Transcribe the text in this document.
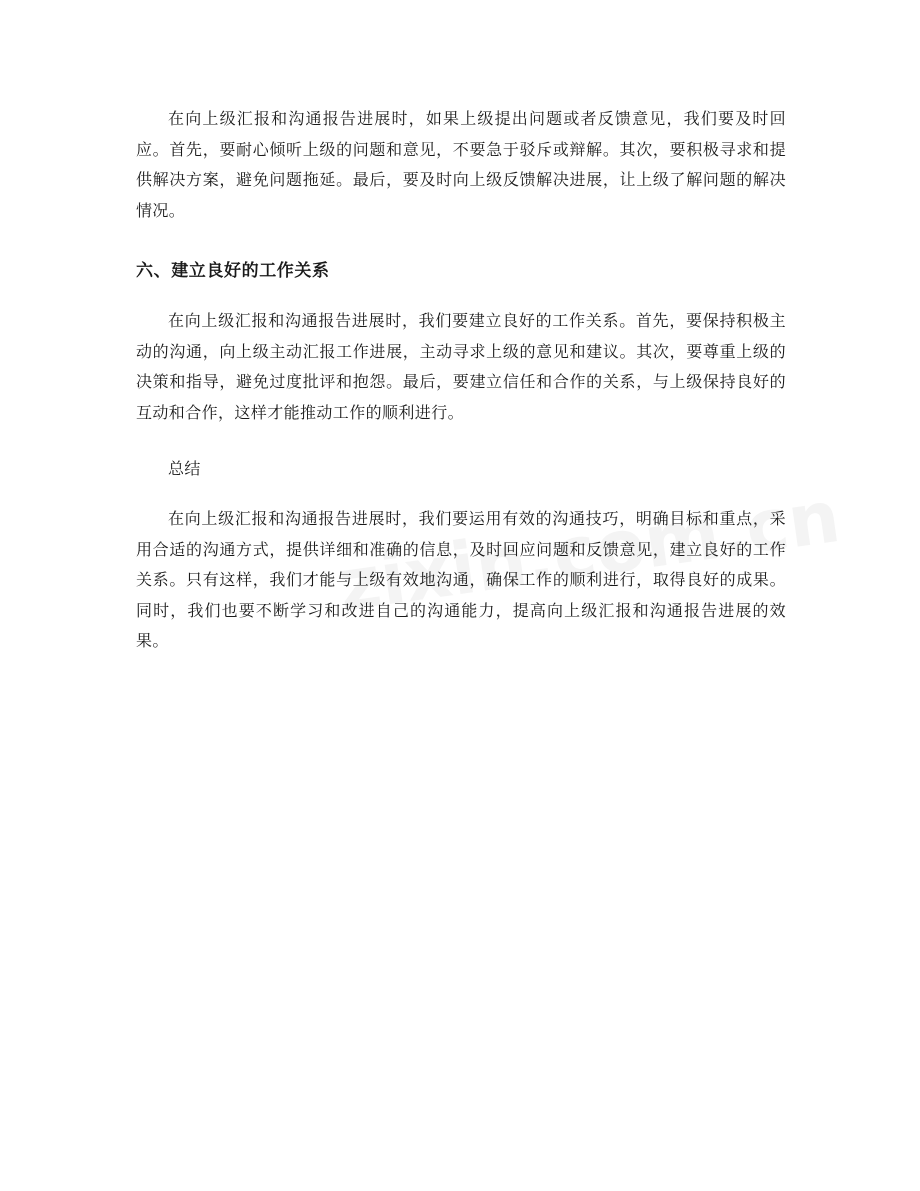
在向上级汇报和沟通报告进展时，如果上级提出问题或者反馈意见，我们要及时回应。首先，要耐心倾听上级的问题和意见，不要急于驳斥或辩解。其次，要积极寻求和提供解决方案，避免问题拖延。最后，要及时向上级反馈解决进展，让上级了解问题的解决情况。

六、建立良好的工作关系

在向上级汇报和沟通报告进展时，我们要建立良好的工作关系。首先，要保持积极主动的沟通，向上级主动汇报工作进展，主动寻求上级的意见和建议。其次，要尊重上级的决策和指导，避免过度批评和抱怨。最后，要建立信任和合作的关系，与上级保持良好的互动和合作，这样才能推动工作的顺利进行。

总结

在向上级汇报和沟通报告进展时，我们要运用有效的沟通技巧，明确目标和重点，采用合适的沟通方式，提供详细和准确的信息，及时回应问题和反馈意见，建立良好的工作关系。只有这样，我们才能与上级有效地沟通，确保工作的顺利进行，取得良好的成果。同时，我们也要不断学习和改进自己的沟通能力，提高向上级汇报和沟通报告进展的效果。
